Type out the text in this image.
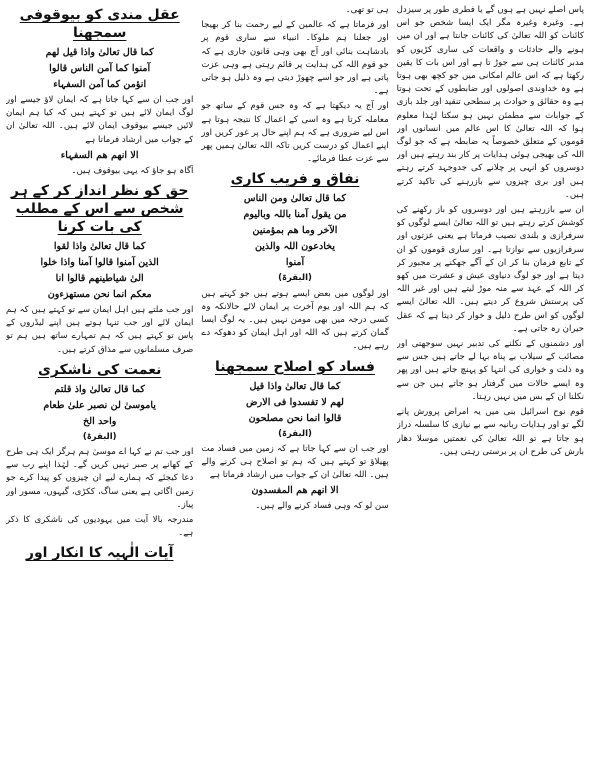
پاس اصلے نہیں ہے ہوں گے یا فطری طور پر سیزدل ہے۔ وغیرہ وغیرہ مگر ایک ایسا شخص جو اس کائنات کو اللہ تعالیٰ کی کائنات جانتا ہے اور ان میں ہونے والے حادثات و واقعات کی ساری کڑیوں کو مدبر کائنات ہی سے جوڑ تا ہے اور اس بات کا یقین رکھتا ہے کہ اس عالم امکانی میں جو کچھ بھی ہوتا ہے وہ خداوندی اصولوں اور ضابطوں کے تحت ہوتا ہے وہ حقائق و حوادث پر سطحی تنقید اور جلد بازی کے جوابات سے مطمئن نہیں ہو سکتا لہٰذا معلوم ہوا کہ اللہ تعالیٰ کا اس عالم میں انسانوں اور قوموں کے متعلق خصوصاً یہ ضابطہ ہے کہ جو لوگ اللہ کی بھیجی ہوئی ہدایات پر کار بند رہتے ہیں اور دوسروں کو انہی پر چلانے کی جدوجہد کرتے رہتے ہیں اور بری چیزوں سے بازرہنے کی تاکید کرتے ہیں۔

ان سے بازرہتے ہیں اور دوسروں کو باز رکھنے کی کوشش کرتے رہتے ہیں تو اللہ تعالیٰ ایسے لوگوں کو سرفرازی و بلندی نصیب فرماتا ہے یعنی عزتوں اور سرفرازیوں سے نوازتا ہے۔ اور ساری قوموں کو ان کے تابع فرمان بنا کر ان کے آگے جھکنے پر مجبور کر دیتا ہے اور جو لوگ دنیاوی عیش و عشرت میں کھو کر اللہ کے عہد سے منہ موڑ لیتے ہیں اور غیر اللہ کی پرستش شروع کر دیتے ہیں۔ اللہ تعالیٰ ایسے لوگوں کو اس طرح ذلیل و خوار کر دیتا ہے کہ عقل حیران رہ جاتی ہے۔

اور دشمنوں کے نکلنے کی تدبیر نہیں سوجھتی اور مصائب کے سیلاب بے پناہ بہا لے جاتے ہیں جس سے وہ ذلت و خواری کی انتہا کو پہنچ جاتے ہیں اور پھر وہ ایسے حالات میں گرفتار ہو جاتے ہیں جن سے نکلنا ان کے بس میں نہیں رہتا۔

قوم نوح اسرائیل بنی میں یہ امراض پرورش پانے لگے تو اور ہدایات ربانیہ سے بے نیازی کا سلسلہ دراز ہو جاتا ہے تو اللہ تعالیٰ کی نعمتیں موسلا دھار بارش کی طرح ان پر برستی رہتی ہیں۔

ہی تو تھی۔

اور فرماتا ہے کہ عالمین کے لیے رحمت بنا کر بھیجا اور جعلنا ہم ملوکا۔ انبیاء سے ساری قوم پر بادشاہت بنائی اور آج بھی وہی قانون جاری ہے کہ جو قوم اللہ کی ہدایت پر قائم رہتی ہے وہی عزت پاتی ہے اور جو اسے چھوڑ دیتی ہے وہ ذلیل ہو جاتی ہے۔

اور آج یہ دیکھتا ہے کہ وہ جس قوم کے ساتھ جو معاملہ کرتا ہے وہ اسی کے اعمال کا نتیجہ ہوتا ہے اس لیے ضروری ہے کہ ہم اپنے حال پر غور کریں اور اپنے اعمال کو درست کریں تاکہ اللہ تعالیٰ ہمیں پھر سے عزت عطا فرمائے۔

نفاق و فریب کاری

کما قال تعالیٰ ومن الناس

من یقول آمنا باللہ وبالیوم

الآخر وما ھم بمؤمنین

یخادعون اللہ والذین

آمنوا

(البقرۃ)

اور لوگوں میں بعض ایسے ہوتے ہیں جو کہتے ہیں کہ ہم اللہ اور یوم آخرت پر ایمان لائے حالانکہ وہ کسی درجہ میں بھی مومن نہیں ہیں۔ یہ لوگ ایسا گمان کرتے ہیں کہ اللہ اور اہل ایمان کو دھوکہ دے رہے ہیں۔

فساد کو اصلاح سمجھنا

کما قال تعالیٰ واذا قیل

لھم لا تفسدوا فی الارض

قالوا انما نحن مصلحون

(البقرۃ)

اور جب ان سے کہا جاتا ہے کہ زمین میں فساد مت پھیلاؤ تو کہتے ہیں کہ ہم تو اصلاح ہی کرنے والے ہیں۔ اللہ تعالیٰ ان کے جواب میں ارشاد فرماتا ہے

الا انھم ھم المفسدون

سن لو کہ وہی فساد کرنے والے ہیں۔

عقل مندی کو بیوقوفی سمجھنا

کما قال تعالیٰ واذا قیل لھم

آمنوا کما آمن الناس قالوا

انؤمن کما آمن السفہاء

اور جب ان سے کہا جاتا ہے کہ ایمان لاؤ جیسے اور لوگ ایمان لائے ہیں تو کہتے ہیں کہ کیا ہم ایمان لائیں جیسے بیوقوف ایمان لائے ہیں۔ اللہ تعالیٰ ان کے جواب میں ارشاد فرماتا ہے

الا انھم ھم السفہاء

آگاہ ہو جاؤ کہ یہی بیوقوف ہیں۔

حق کو نظر انداز کر کے ہر شخص سے اس کے مطلب کی بات کرنا

کما قال تعالیٰ واذا لقوا

الذین آمنوا قالوا آمنا واذا خلوا

الیٰ شیاطینھم قالوا انا

معکم انما نحن مستھزءون

اور جب ملتے ہیں اہل ایمان سے تو کہتے ہیں کہ ہم ایمان لائے اور جب تنہا ہوتے ہیں اپنے لیڈروں کے پاس تو کہتے ہیں کہ ہم تمہارے ساتھ ہیں ہم تو صرف مسلمانوں سے مذاق کرتے ہیں۔

نعمت کی ناشکری

کما قال تعالیٰ واذ قلتم

یاموسیٰ لن نصبر علیٰ طعام

واحد الخ

(البقرۃ)

اور جب تم نے کہا اے موسیٰ ہم ہرگز ایک ہی طرح کے کھانے پر صبر نہیں کریں گے۔ لہٰذا اپنے رب سے دعا کیجئے کہ ہمارے لیے ان چیزوں کو پیدا کرے جو زمین اگاتی ہے یعنی ساگ، ککڑی، گیہوں، مسور اور پیاز۔

مندرجہ بالا آیت میں یہودیوں کی ناشکری کا ذکر ہے۔

آیات الٰہیہ کا انکار اور
